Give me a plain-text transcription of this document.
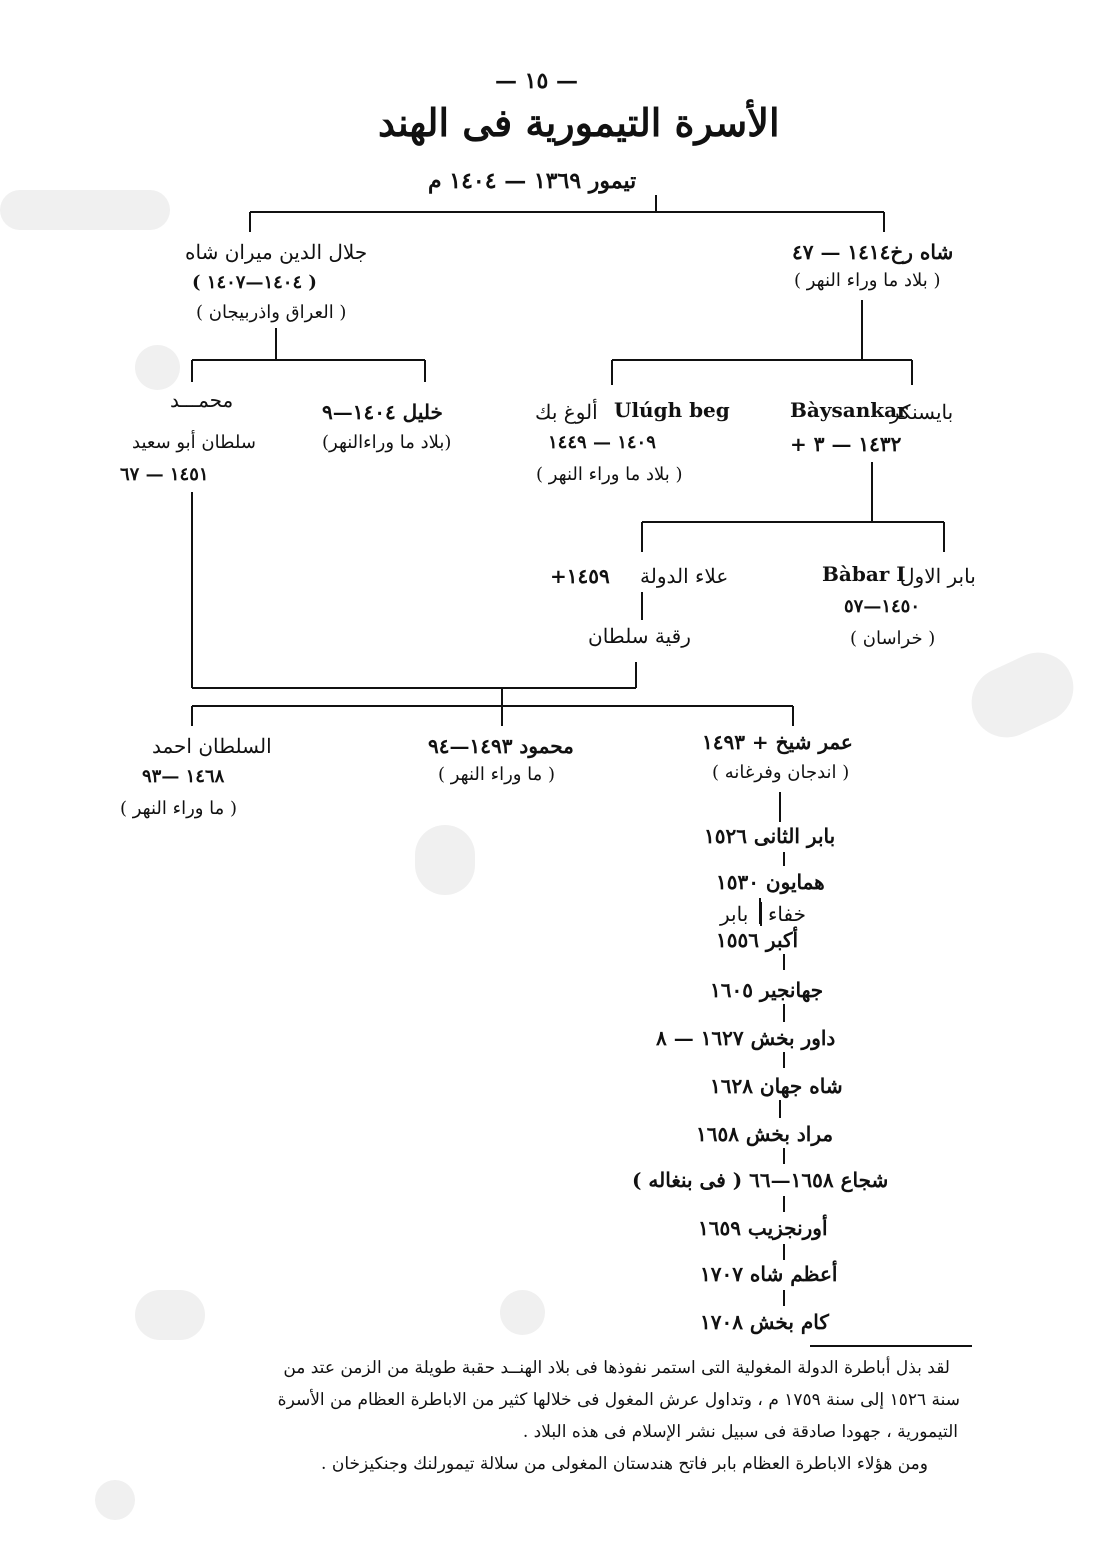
— ١٥ —
الأسرة التيمورية فى الهند
تيمور ١٣٦٩ — ١٤٠٤ م
جلال الدين ميران شاه
( ١٤٠٤—١٤٠٧ )
( العراق واذربيجان )
شاه رخ١٤١٤ — ٤٧
( بلاد ما وراء النهر )
محمـــد
سلطان أبو سعيد
١٤٥١ — ٦٧
خليل ١٤٠٤—٩
(بلاد ما وراءالنهر)
ألوغ بك Ulúgh beg
١٤٠٩ — ١٤٤٩
( بلاد ما وراء النهر )
Bàysankar
بايسنكر
+ ١٤٣٢ — ٣
علاء الدولة
+١٤٥٩	Bàbar I
بابر الاول
١٤٥٠—٥٧
( خراسان )
رقية سلطان
السلطان احمد
١٤٦٨ —٩٣
( ما وراء النهر )
محمود ١٤٩٣—٩٤
( ما وراء النهر )
عمر شيخ + ١٤٩٣
( اندجان وفرغانه )
بابر الثانى ١٥٢٦
همايون ١٥٣٠
خفاء
بابر
أكبر ١٥٥٦
جهانجير ١٦٠٥
داور بخش ١٦٢٧ — ٨
شاه جهان ١٦٢٨
مراد بخش ١٦٥٨
شجاع ١٦٥٨—٦٦ ( فى بنغاله )
أورنجزيب ١٦٥٩
أعظم شاه ١٧٠٧
كام بخش ١٧٠٨
لقد بذل أباطرة الدولة المغولية التى استمر نفوذها فى بلاد الهنــد حقبة طويلة من الزمن عتد من
سنة ١٥٢٦ إلى سنة ١٧٥٩ م ، وتداول عرش المغول فى خلالها كثير من الاباطرة العظام من الأسرة
التيمورية ، جهودا صادقة فى سبيل نشر الإسلام فى هذه البلاد .
ومن هؤلاء الاباطرة العظام بابر فاتح هندستان المغولى من سلالة تيمورلنك وجنكيزخان .
